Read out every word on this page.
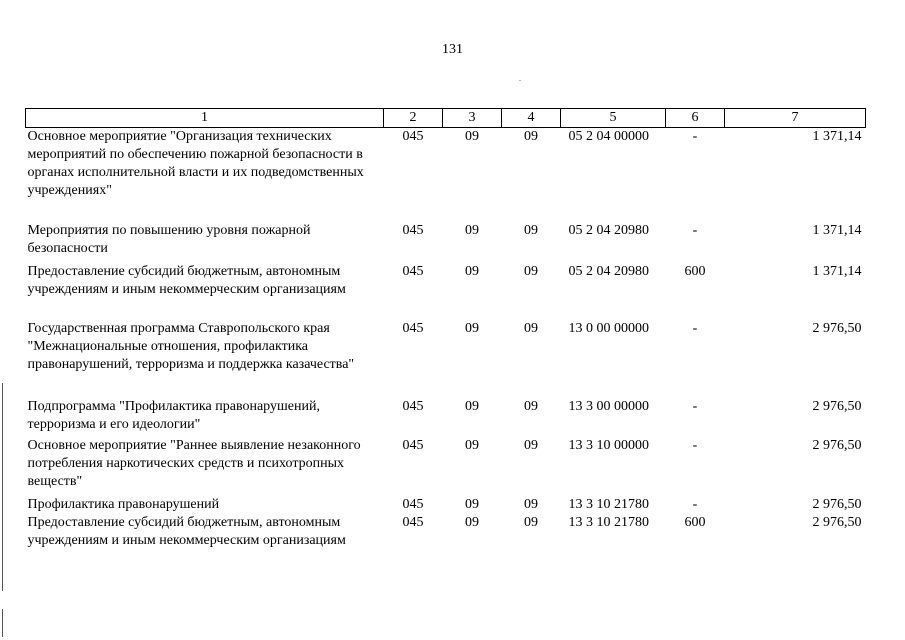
131
1	2	3	4	5	6	7
Основное мероприятие "Организация технических мероприятий по обеспечению пожарной безопасности в органах исполнительной власти и их подведомственных учреждениях"	045	09	09	05 2 04 00000	-	1 371,14
Мероприятия по повышению уровня пожарной безопасности	045	09	09	05 2 04 20980	-	1 371,14
Предоставление субсидий бюджетным, автономным учреждениям и иным некоммерческим организациям	045	09	09	05 2 04 20980	600	1 371,14
Государственная программа Ставропольского края "Межнациональные отношения, профилактика правонарушений, терроризма и поддержка казачества"	045	09	09	13 0 00 00000	-	2 976,50
Подпрограмма "Профилактика правонарушений, терроризма и его идеологии"	045	09	09	13 3 00 00000	-	2 976,50
Основное мероприятие "Раннее выявление незаконного потребления наркотических средств и психотропных веществ"	045	09	09	13 3 10 00000	-	2 976,50
Профилактика правонарушений	045	09	09	13 3 10 21780	-	2 976,50
Предоставление субсидий бюджетным, автономным учреждениям и иным некоммерческим организациям	045	09	09	13 3 10 21780	600	2 976,50
